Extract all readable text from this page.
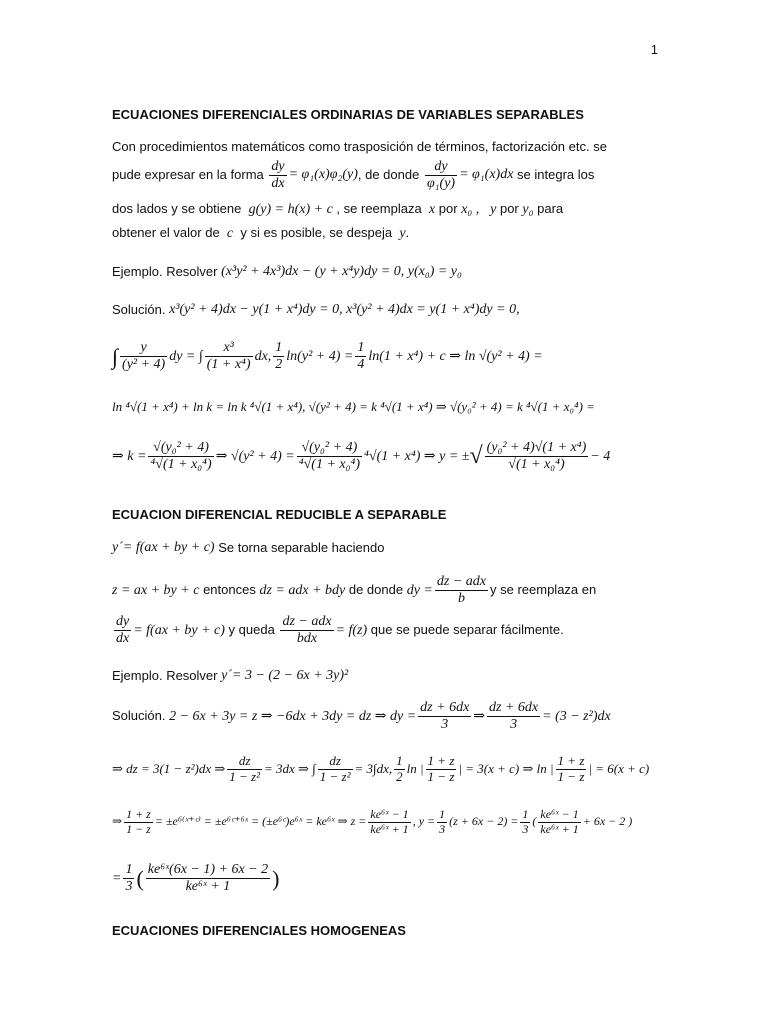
1
ECUACIONES DIFERENCIALES ORDINARIAS DE VARIABLES SEPARABLES
Con procedimientos matemáticos como trasposición de términos, factorización etc. se
pude expresar en la forma
$\frac{dy}{dx} = \varphi_1(x)\varphi_2(y)$ , de donde
$\frac{dy}{\text{φ₁(y)}} = \varphi_1(x)dx$
se integra los
dos lados y se obtiene g(y) = h(x) + c , se reemplaza x por x₀ , y por y₀ para
obtener el valor de c y si es posible, se despeja y.
Ejemplo. Resolver
(x³y² + 4x³)dx − (y + x⁴y)dy = 0, y(x₀) = y₀
Solución.
x³(y² + 4)dx − y(1 + x⁴)dy = 0, x³(y² + 4)dx = y(1 + x⁴)dy = 0,
∫ $\frac{y}{\text{(y² + 4)}}$ dy = ∫ $\frac{\text{x³}}{\text{(1 + x⁴)}}$ dx, $\frac{1}{2} \ln(y^2 + 4) = \frac{1}{4} \ln(1 + x^4) + c$ ⇒ ln √(y² + 4) =
ln ⁴√(1 + x⁴) + ln k = ln k ⁴√(1 + x⁴), √(y² + 4) = k ⁴√(1 + x⁴) ⇒ √(y₀² + 4) = k ⁴√(1 + x₀⁴) =
⇒ $k = \frac{\text{√(y₀² + 4)}}{\text{⁴√(1 + x₀⁴)}}$ ⇒ $√(y^2 + 4) = \frac{\text{√(y₀² + 4)}}{\text{⁴√(1 + x₀⁴)}} ^4√(1 + x^4)$ ⇒ y = ± √ $\frac{\text{(y₀² + 4)√(1 + x⁴)}}{\text{√(1 + x₀⁴)}} - 4$
ECUACION DIFERENCIAL REDUCIBLE A SEPARABLE
y´= f(ax + by + c)
Se torna separable haciendo
z = ax + by + c
entonces
dz = adx + bdy
de donde
dy = $\frac{\text{dz − adx}}{b}$ y se reemplaza en
$\frac{dy}{dx} = f(ax$ + by + c)
y queda
$\frac{\text{dz − adx}}{\text{bdx}} = f(z)$
que se puede separar fácilmente.
Ejemplo. Resolver
y´= 3 − (2 − 6x + 3y)²
Solución.
2 − 6x + 3y = z ⇒ −6dx + 3dy = dz ⇒ dy = $\frac{dz + 6dx}{3}$ ⇒ $\frac{dz + 6dx}{3} = (3 - z^2)dx$
⇒ dz = 3(1 − z²)dx ⇒ $\frac{dz}{\text{1 − z²}} = 3dx$ ⇒ ∫ $\frac{dz}{\text{1 − z²}} = 3\int dx$, $\frac{1}{2}$ ln | $\frac{1 + z}{1 - z}$ | = 3(x + c) ⇒ ln | $\frac{1 + z}{1 - z}$ | = 6(x + c)
⇒ $\frac{1 + z}{1 - z}$ = ±e⁶⁽ˣ⁺ᶜ⁾ = ±e⁶ᶜ⁺⁶ˣ = (±e⁶ᶜ)e⁶ˣ = ke⁶ˣ ⇒ $z = \frac{\text{ke⁶ˣ − 1}}{\text{ke⁶ˣ + 1}}$ , $y = \frac{1}{3} (z + 6x - 2) = \frac{1}{3}$ ( $\frac{\text{ke⁶ˣ − 1}}{\text{ke⁶ˣ + 1}} + 6x - 2$ )
= $\frac{1}{3}$ ( $\frac{\text{ke⁶ˣ(6x − 1) + 6x − 2}}{\text{ke⁶ˣ + 1}}$ )
ECUACIONES DIFERENCIALES HOMOGENEAS
